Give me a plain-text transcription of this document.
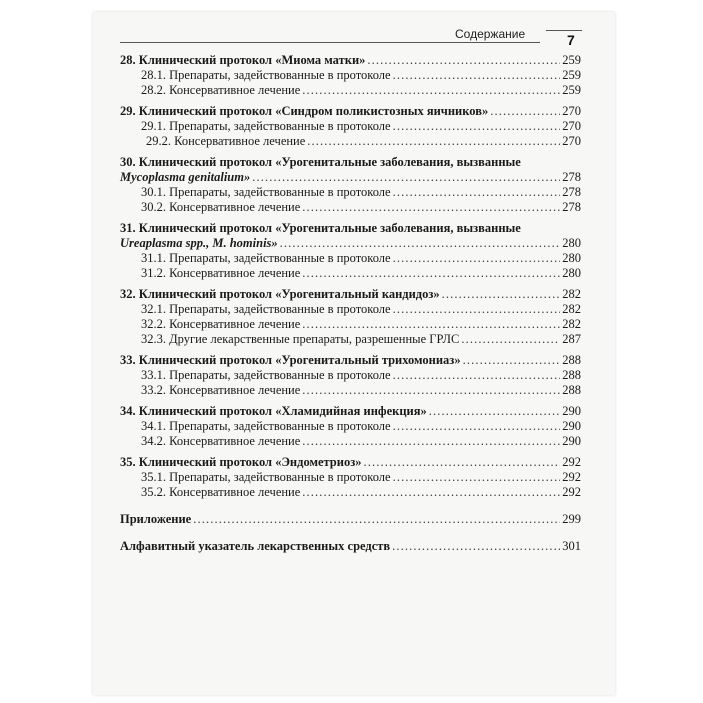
Содержание	7
28. Клинический протокол «Миома матки» . . .	259
28.1. Препараты, задействованные в протоколе . . .	259
28.2. Консервативное лечение . . .	259
29. Клинический протокол «Синдром поликистозных яичников» . . .	270
29.1. Препараты, задействованные в протоколе . . .	270
29.2. Консервативное лечение . . .	270
30. Клинический протокол «Урогенитальные заболевания, вызванные
Mycoplasma genitalium» . . .	278
30.1. Препараты, задействованные в протоколе . . .	278
30.2. Консервативное лечение . . .	278
31. Клинический протокол «Урогенитальные заболевания, вызванные
Ureaplasma spp., M. hominis» . . .	280
31.1. Препараты, задействованные в протоколе . . .	280
31.2. Консервативное лечение . . .	280
32. Клинический протокол «Урогенитальный кандидоз» . . .	282
32.1. Препараты, задействованные в протоколе . . .	282
32.2. Консервативное лечение . . .	282
32.3. Другие лекарственные препараты, разрешенные ГРЛС . . .	287
33. Клинический протокол «Урогенитальный трихомониаз» . . .	288
33.1. Препараты, задействованные в протоколе . . .	288
33.2. Консервативное лечение . . .	288
34. Клинический протокол «Хламидийная инфекция» . . .	290
34.1. Препараты, задействованные в протоколе . . .	290
34.2. Консервативное лечение . . .	290
35. Клинический протокол «Эндометриоз» . . .	292
35.1. Препараты, задействованные в протоколе . . .	292
35.2. Консервативное лечение . . .	292
Приложение . . .	299
Алфавитный указатель лекарственных средств . . .	301
